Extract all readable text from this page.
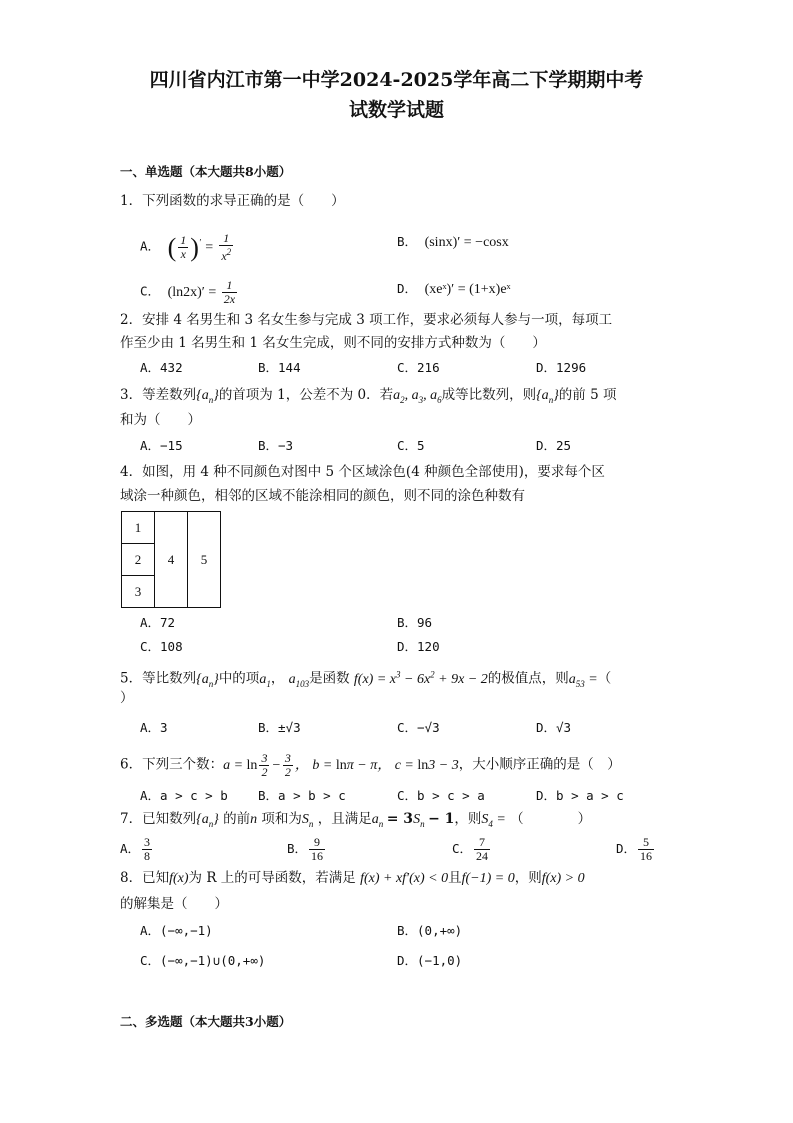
四川省内江市第一中学2024-2025学年高二下学期期中考
试数学试题
一、单选题（本大题共8小题）
1．下列函数的求导正确的是（　　）
A． ( $\frac{1}{x} )' = \frac{1}{x^2}$	B． (sinx)′ = −cosx
C． $(\ln 2x)' = \frac{1}{2x}$	D． (xeˣ)′ = (1+x)eˣ
2．安排 4 名男生和 3 名女生参与完成 3 项工作，要求必须每人参与一项，每项工
作至少由 1 名男生和 1 名女生完成，则不同的安排方式种数为（　　）
A．432	B．144	C．216	D．1296
3．等差数列$\{a_n\}$的首项为 1，公差不为 0．若$a_2$, $a_3$, $a_6$成等比数列，则$\{a_n\}$的前 5 项
和为（　　）
A．−15	B．−3	C．5	D．25
4．如图，用 4 种不同颜色对图中 5 个区域涂色(4 种颜色全部使用)，要求每个区
域涂一种颜色，相邻的区域不能涂相同的颜色，则不同的涂色种数有
1	4	5
2
3
A．72	B．96
C．108	D．120
5．等比数列$\{a_n\}$中的项$a_1$， $a_{103}$是函数 $f(x) = x^3 - 6x^2 + 9x - 2$的极值点，则$a_{53}$ =（
）
A．3	B．±√3	C．−√3	D．√3
6．下列三个数：$a = \ln \frac{3}{2} - \frac{3}{2}$ ， b = lnπ − π， c = ln3 − 3，大小顺序正确的是（　）
A．a > c > b B．a > b > c	C．b > c > a	D．b > a > c
7．已知数列$\{a_n\}$ 的前n 项和为$S_n$ ，且满足$a_n = 3S_n - 1$，则$S_4$ = （　　　　）
A． $\frac{3}{8}$	B． $\frac{9}{16}$	C． $\frac{7}{24}$	D． $\frac{5}{16}$
8．已知f(x)为 R 上的可导函数，若满足 f(x) + xf′(x) < 0且f(−1) = 0，则f(x) > 0
的解集是（　　）
A．(−∞,−1)	B．(0,+∞)
C．(−∞,−1)∪(0,+∞)	D．(−1,0)
二、多选题（本大题共3小题）
